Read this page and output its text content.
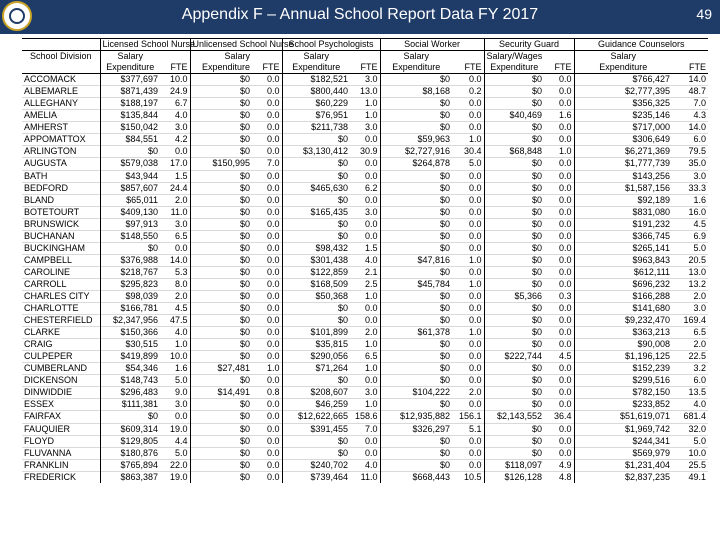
Appendix F – Annual School Report Data FY 2017	49
	Licensed School Nurse		Unlicensed School Nurse		School Psychologists		Social Worker		Security Guard		Guidance Counselors	
School Division	Salary		Salary		Salary		Salary		Salary/Wages		Salary	
	Expenditure	FTE	Expenditure	FTE	Expenditure	FTE	Expenditure	FTE	Expenditure	FTE	Expenditure	FTE
ACCOMACK	$377,697	10.0	$0	0.0	$182,521	3.0	$0	0.0	$0	0.0	$766,427	14.0
ALBEMARLE	$871,439	24.9	$0	0.0	$800,440	13.0	$8,168	0.2	$0	0.0	$2,777,395	48.7
ALLEGHANY	$188,197	6.7	$0	0.0	$60,229	1.0	$0	0.0	$0	0.0	$356,325	7.0
AMELIA	$135,844	4.0	$0	0.0	$76,951	1.0	$0	0.0	$40,469	1.6	$235,146	4.3
AMHERST	$150,042	3.0	$0	0.0	$211,738	3.0	$0	0.0	$0	0.0	$717,000	14.0
APPOMATTOX	$84,551	4.2	$0	0.0	$0	0.0	$59,963	1.0	$0	0.0	$306,649	6.0
ARLINGTON	$0	0.0	$0	0.0	$3,130,412	30.9	$2,727,916	30.4	$68,848	1.0	$6,271,369	79.5
AUGUSTA	$579,038	17.0	$150,995	7.0	$0	0.0	$264,878	5.0	$0	0.0	$1,777,739	35.0
BATH	$43,944	1.5	$0	0.0	$0	0.0	$0	0.0	$0	0.0	$143,256	3.0
BEDFORD	$857,607	24.4	$0	0.0	$465,630	6.2	$0	0.0	$0	0.0	$1,587,156	33.3
BLAND	$65,011	2.0	$0	0.0	$0	0.0	$0	0.0	$0	0.0	$92,189	1.6
BOTETOURT	$409,130	11.0	$0	0.0	$165,435	3.0	$0	0.0	$0	0.0	$831,080	16.0
BRUNSWICK	$97,913	3.0	$0	0.0	$0	0.0	$0	0.0	$0	0.0	$191,232	4.5
BUCHANAN	$148,550	6.5	$0	0.0	$0	0.0	$0	0.0	$0	0.0	$366,745	6.9
BUCKINGHAM	$0	0.0	$0	0.0	$98,432	1.5	$0	0.0	$0	0.0	$265,141	5.0
CAMPBELL	$376,988	14.0	$0	0.0	$301,438	4.0	$47,816	1.0	$0	0.0	$963,843	20.5
CAROLINE	$218,767	5.3	$0	0.0	$122,859	2.1	$0	0.0	$0	0.0	$612,111	13.0
CARROLL	$295,823	8.0	$0	0.0	$168,509	2.5	$45,784	1.0	$0	0.0	$696,232	13.2
CHARLES CITY	$98,039	2.0	$0	0.0	$50,368	1.0	$0	0.0	$5,366	0.3	$166,288	2.0
CHARLOTTE	$166,781	4.5	$0	0.0	$0	0.0	$0	0.0	$0	0.0	$141,680	3.0
CHESTERFIELD	$2,347,956	47.5	$0	0.0	$0	0.0	$0	0.0	$0	0.0	$9,232,470	169.4
CLARKE	$150,366	4.0	$0	0.0	$101,899	2.0	$61,378	1.0	$0	0.0	$363,213	6.5
CRAIG	$30,515	1.0	$0	0.0	$35,815	1.0	$0	0.0	$0	0.0	$90,008	2.0
CULPEPER	$419,899	10.0	$0	0.0	$290,056	6.5	$0	0.0	$222,744	4.5	$1,196,125	22.5
CUMBERLAND	$54,346	1.6	$27,481	1.0	$71,264	1.0	$0	0.0	$0	0.0	$152,239	3.2
DICKENSON	$148,743	5.0	$0	0.0	$0	0.0	$0	0.0	$0	0.0	$299,516	6.0
DINWIDDIE	$296,483	9.0	$14,491	0.8	$208,607	3.0	$104,222	2.0	$0	0.0	$782,150	13.5
ESSEX	$111,381	3.0	$0	0.0	$46,259	1.0	$0	0.0	$0	0.0	$233,852	4.0
FAIRFAX	$0	0.0	$0	0.0	$12,622,665	158.6	$12,935,882	156.1	$2,143,552	36.4	$51,619,071	681.4
FAUQUIER	$609,314	19.0	$0	0.0	$391,455	7.0	$326,297	5.1	$0	0.0	$1,969,742	32.0
FLOYD	$129,805	4.4	$0	0.0	$0	0.0	$0	0.0	$0	0.0	$244,341	5.0
FLUVANNA	$180,876	5.0	$0	0.0	$0	0.0	$0	0.0	$0	0.0	$569,979	10.0
FRANKLIN	$765,894	22.0	$0	0.0	$240,702	4.0	$0	0.0	$118,097	4.9	$1,231,404	25.5
FREDERICK	$863,387	19.0	$0	0.0	$739,464	11.0	$668,443	10.5	$126,128	4.8	$2,837,235	49.1
